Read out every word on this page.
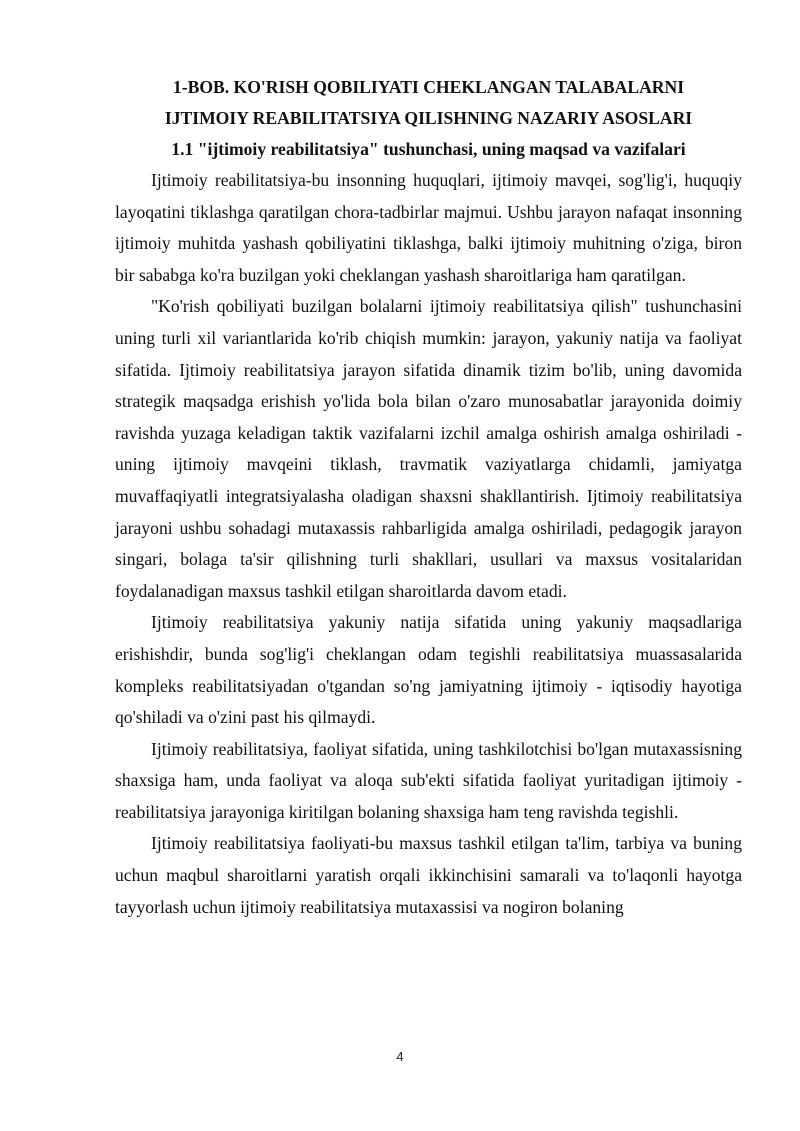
1-BOB. KO'RISH QOBILIYATI CHEKLANGAN TALABALARNI

IJTIMOIY REABILITATSIYA QILISHNING NAZARIY ASOSLARI

1.1 "ijtimoiy reabilitatsiya" tushunchasi, uning maqsad va vazifalari

Ijtimoiy reabilitatsiya-bu insonning huquqlari, ijtimoiy mavqei, sog'lig'i, huquqiy layoqatini tiklashga qaratilgan chora-tadbirlar majmui. Ushbu jarayon nafaqat insonning ijtimoiy muhitda yashash qobiliyatini tiklashga, balki ijtimoiy muhitning o'ziga, biron bir sababga ko'ra buzilgan yoki cheklangan yashash sharoitlariga ham qaratilgan.

"Ko'rish qobiliyati buzilgan bolalarni ijtimoiy reabilitatsiya qilish" tushunchasini uning turli xil variantlarida ko'rib chiqish mumkin: jarayon, yakuniy natija va faoliyat sifatida. Ijtimoiy reabilitatsiya jarayon sifatida dinamik tizim bo'lib, uning davomida strategik maqsadga erishish yo'lida bola bilan o'zaro munosabatlar jarayonida doimiy ravishda yuzaga keladigan taktik vazifalarni izchil amalga oshirish amalga oshiriladi - uning ijtimoiy mavqeini tiklash, travmatik vaziyatlarga chidamli, jamiyatga muvaffaqiyatli integratsiyalasha oladigan shaxsni shakllantirish. Ijtimoiy reabilitatsiya jarayoni ushbu sohadagi mutaxassis rahbarligida amalga oshiriladi, pedagogik jarayon singari, bolaga ta'sir qilishning turli shakllari, usullari va maxsus vositalaridan foydalanadigan maxsus tashkil etilgan sharoitlarda davom etadi.

Ijtimoiy reabilitatsiya yakuniy natija sifatida uning yakuniy maqsadlariga erishishdir, bunda sog'lig'i cheklangan odam tegishli reabilitatsiya muassasalarida kompleks reabilitatsiyadan o'tgandan so'ng jamiyatning ijtimoiy - iqtisodiy hayotiga qo'shiladi va o'zini past his qilmaydi.

Ijtimoiy reabilitatsiya, faoliyat sifatida, uning tashkilotchisi bo'lgan mutaxassisning shaxsiga ham, unda faoliyat va aloqa sub'ekti sifatida faoliyat yuritadigan ijtimoiy - reabilitatsiya jarayoniga kiritilgan bolaning shaxsiga ham teng ravishda tegishli.

Ijtimoiy reabilitatsiya faoliyati-bu maxsus tashkil etilgan ta'lim, tarbiya va buning uchun maqbul sharoitlarni yaratish orqali ikkinchisini samarali va to'laqonli hayotga tayyorlash uchun ijtimoiy reabilitatsiya mutaxassisi va nogiron bolaning

4
